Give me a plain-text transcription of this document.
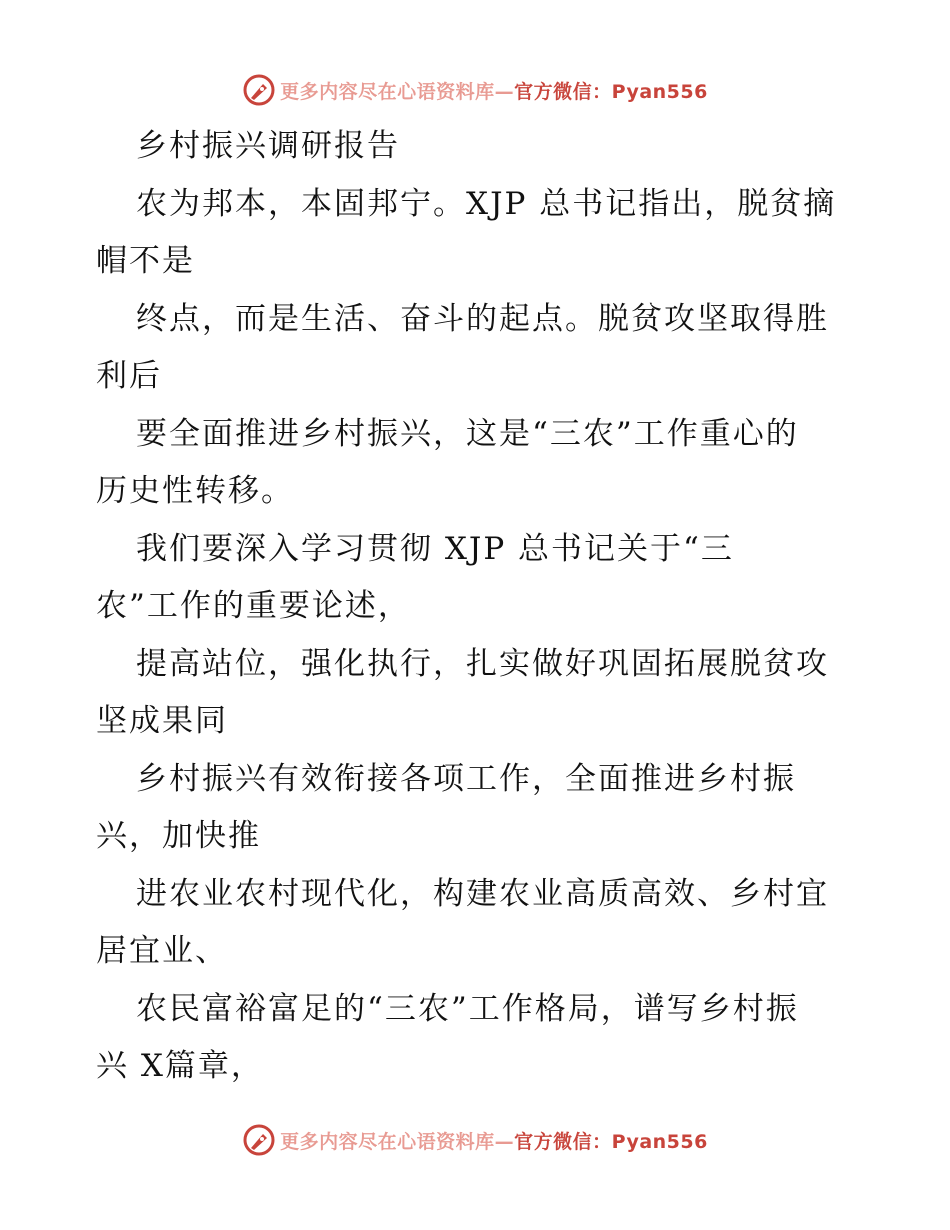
更多内容尽在心语资料库—官方微信：Pyan556
乡村振兴调研报告
农为邦本，本固邦宁。XJP 总书记指出，脱贫摘
帽不是
终点，而是生活、奋斗的起点。脱贫攻坚取得胜
利后
要全面推进乡村振兴，这是“三农”工作重心的
历史性转移。
我们要深入学习贯彻 XJP 总书记关于“三
农”工作的重要论述，
提高站位，强化执行，扎实做好巩固拓展脱贫攻
坚成果同
乡村振兴有效衔接各项工作，全面推进乡村振
兴，加快推
进农业农村现代化，构建农业高质高效、乡村宜
居宜业、
农民富裕富足的“三农”工作格局，谱写乡村振
兴 X篇章，
更多内容尽在心语资料库—官方微信：Pyan556
